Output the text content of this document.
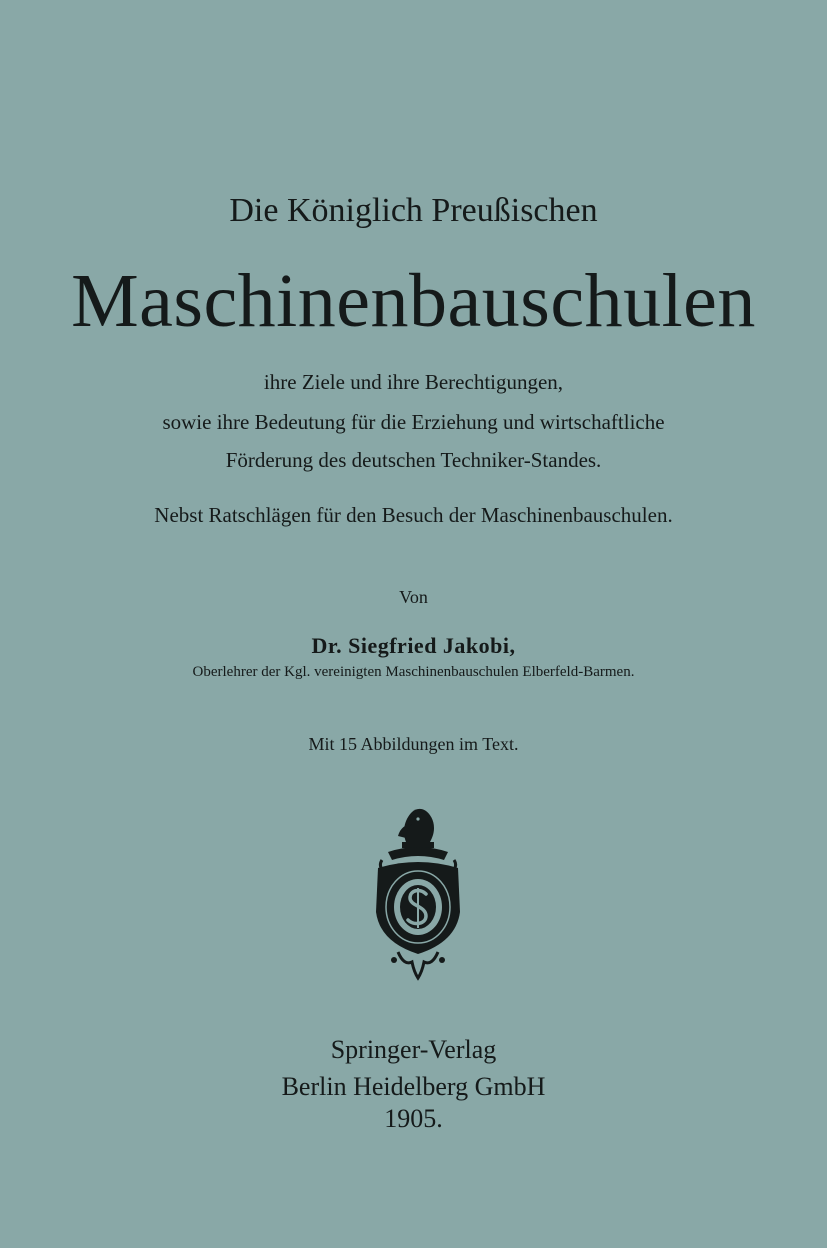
Die Königlich Preußischen
Maschinenbauschulen
ihre Ziele und ihre Berechtigungen,
sowie ihre Bedeutung für die Erziehung und wirtschaftliche
Förderung des deutschen Techniker-Standes.
Nebst Ratschlägen für den Besuch der Maschinenbauschulen.
Von
Dr. Siegfried Jakobi,
Oberlehrer der Kgl. vereinigten Maschinenbauschulen Elberfeld-Barmen.
Mit 15 Abbildungen im Text.
Springer-Verlag
Berlin Heidelberg GmbH
1905.
